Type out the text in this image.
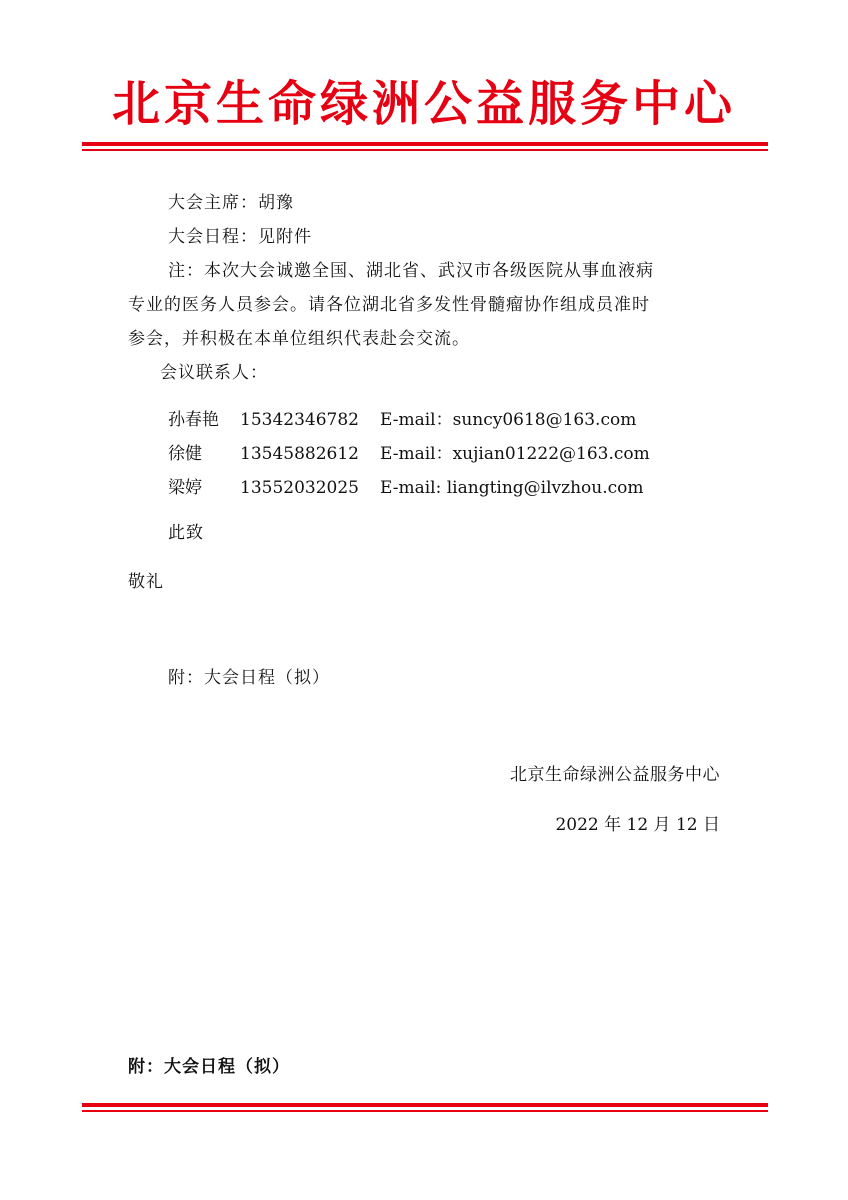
北京生命绿洲公益服务中心
大会主席：胡豫
大会日程：见附件
注：本次大会诚邀全国、湖北省、武汉市各级医院从事血液病
专业的医务人员参会。请各位湖北省多发性骨髓瘤协作组成员准时
参会，并积极在本单位组织代表赴会交流。
会议联系人：
孙春艳 15342346782 E-mail：suncy0618@163.com
徐健 13545882612 E-mail：xujian01222@163.com
梁婷 13552032025 E-mail: liangting@ilvzhou.com
此致
敬礼
附：大会日程（拟）
北京生命绿洲公益服务中心
2022 年 12 月 12 日
附：大会日程（拟）
